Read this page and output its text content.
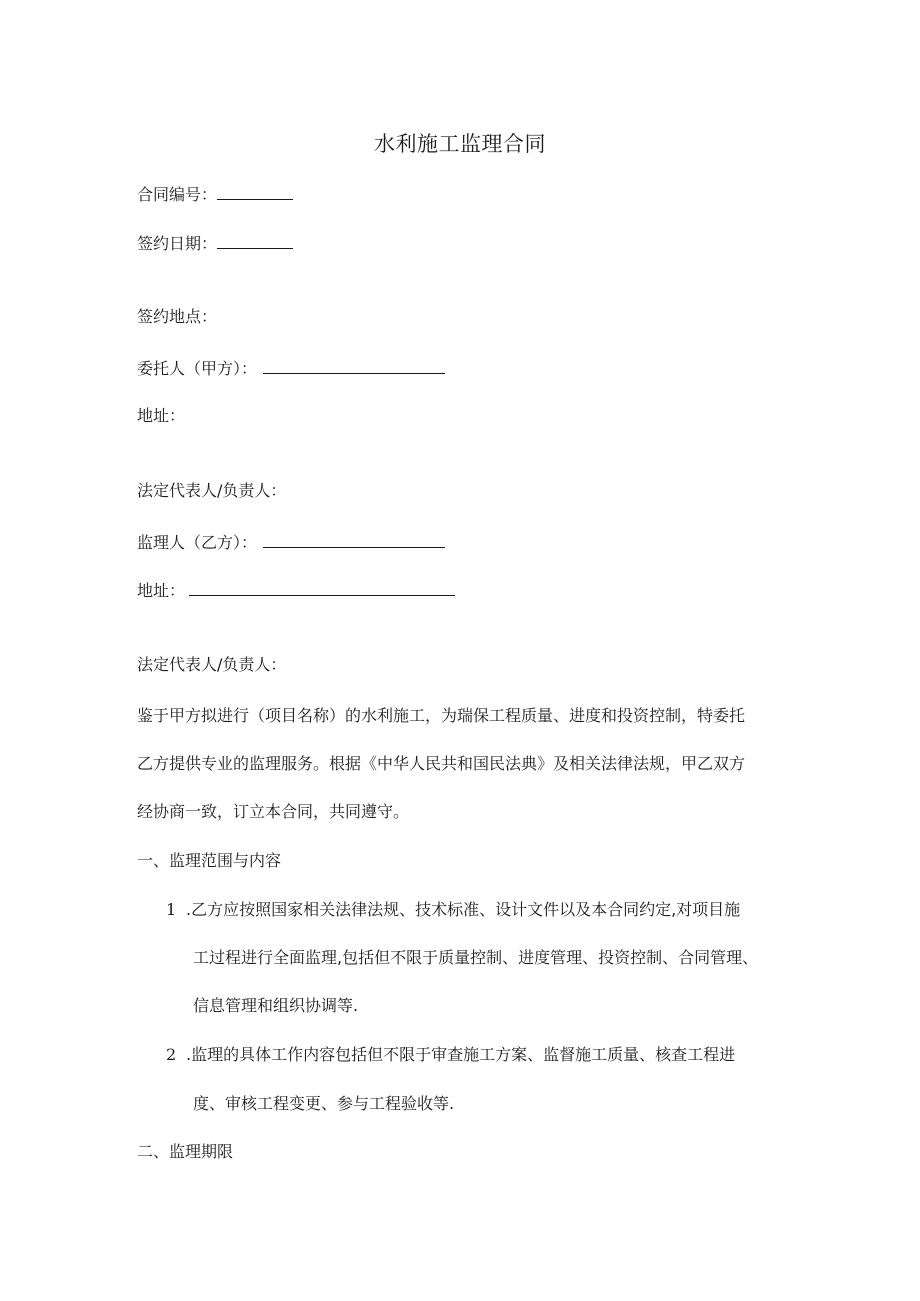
水利施工监理合同
合同编号：
签约日期：
签约地点：
委托人（甲方）：
地址：
法定代表人/负责人：
监理人（乙方）：
地址：
法定代表人/负责人：
鉴于甲方拟进行（项目名称）的水利施工，为瑞保工程质量、进度和投资控制，特委托
乙方提供专业的监理服务。根据《中华人民共和国民法典》及相关法律法规，甲乙双方
经协商一致，订立本合同，共同遵守。
一、监理范围与内容
1 .乙方应按照国家相关法律法规、技术标准、设计文件以及本合同约定,对项目施
工过程进行全面监理,包括但不限于质量控制、进度管理、投资控制、合同管理、
信息管理和组织协调等.
2 .监理的具体工作内容包括但不限于审查施工方案、监督施工质量、核查工程进
度、审核工程变更、参与工程验收等.
二、监理期限
